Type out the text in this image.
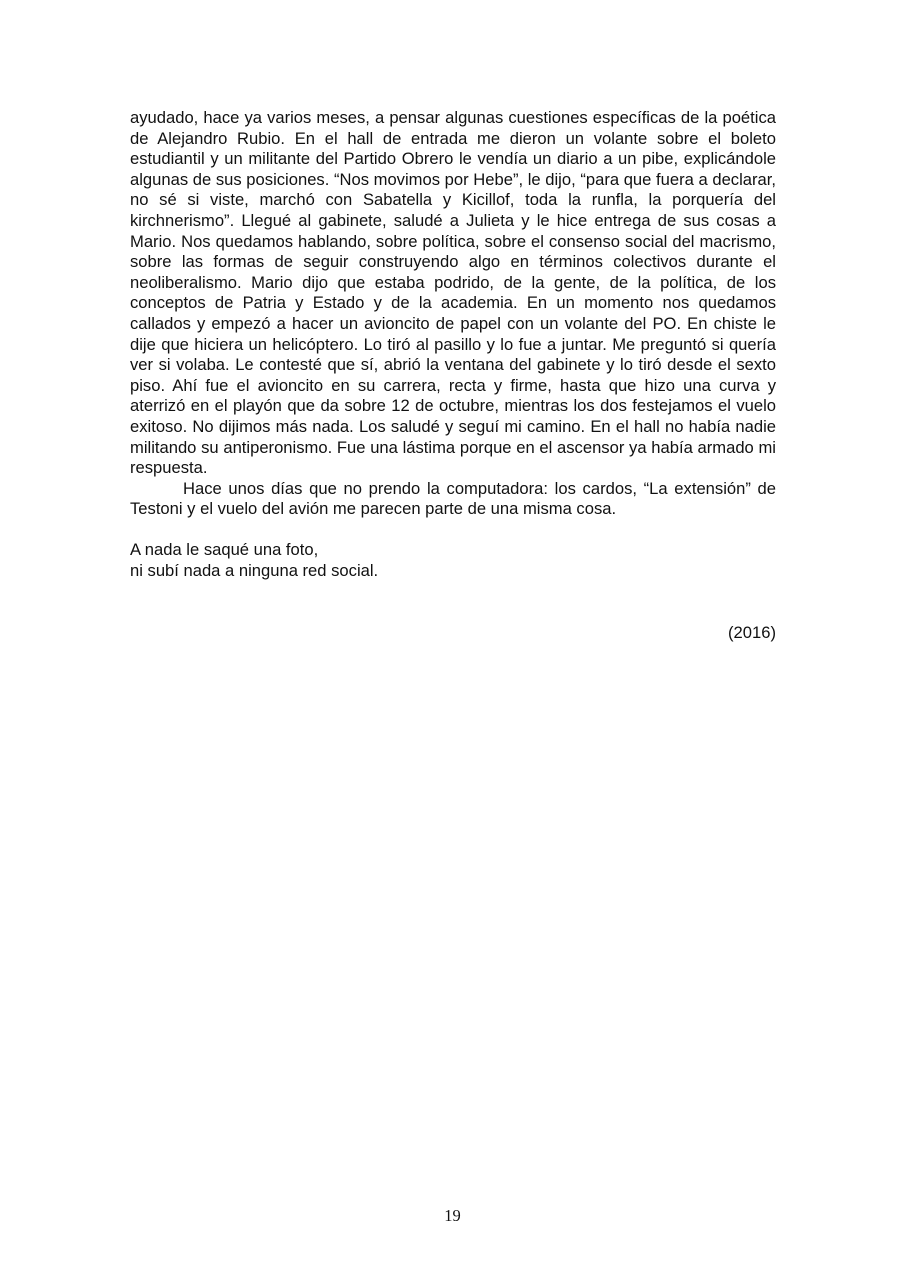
ayudado, hace ya varios meses, a pensar algunas cuestiones específicas de la poética de Alejandro Rubio. En el hall de entrada me dieron un volante sobre el boleto estudiantil y un militante del Partido Obrero le vendía un diario a un pibe, explicándole algunas de sus posiciones. “Nos movimos por Hebe”, le dijo, “para que fuera a declarar, no sé si viste, marchó con Sabatella y Kicillof, toda la runfla, la porquería del kirchnerismo”. Llegué al gabinete, saludé a Julieta y le hice entrega de sus cosas a Mario. Nos quedamos hablando, sobre política, sobre el consenso social del macrismo, sobre las formas de seguir construyendo algo en términos colectivos durante el neoliberalismo. Mario dijo que estaba podrido, de la gente, de la política, de los conceptos de Patria y Estado y de la academia. En un momento nos quedamos callados y empezó a hacer un avioncito de papel con un volante del PO. En chiste le dije que hiciera un helicóptero. Lo tiró al pasillo y lo fue a juntar. Me preguntó si quería ver si volaba. Le contesté que sí, abrió la ventana del gabinete y lo tiró desde el sexto piso. Ahí fue el avioncito en su carrera, recta y firme, hasta que hizo una curva y aterrizó en el playón que da sobre 12 de octubre, mientras los dos festejamos el vuelo exitoso. No dijimos más nada. Los saludé y seguí mi camino. En el hall no había nadie militando su antiperonismo. Fue una lástima porque en el ascensor ya había armado mi respuesta.

Hace unos días que no prendo la computadora: los cardos, “La extensión” de Testoni y el vuelo del avión me parecen parte de una misma cosa.

A nada le saqué una foto,
ni subí nada a ninguna red social.

(2016)

19
